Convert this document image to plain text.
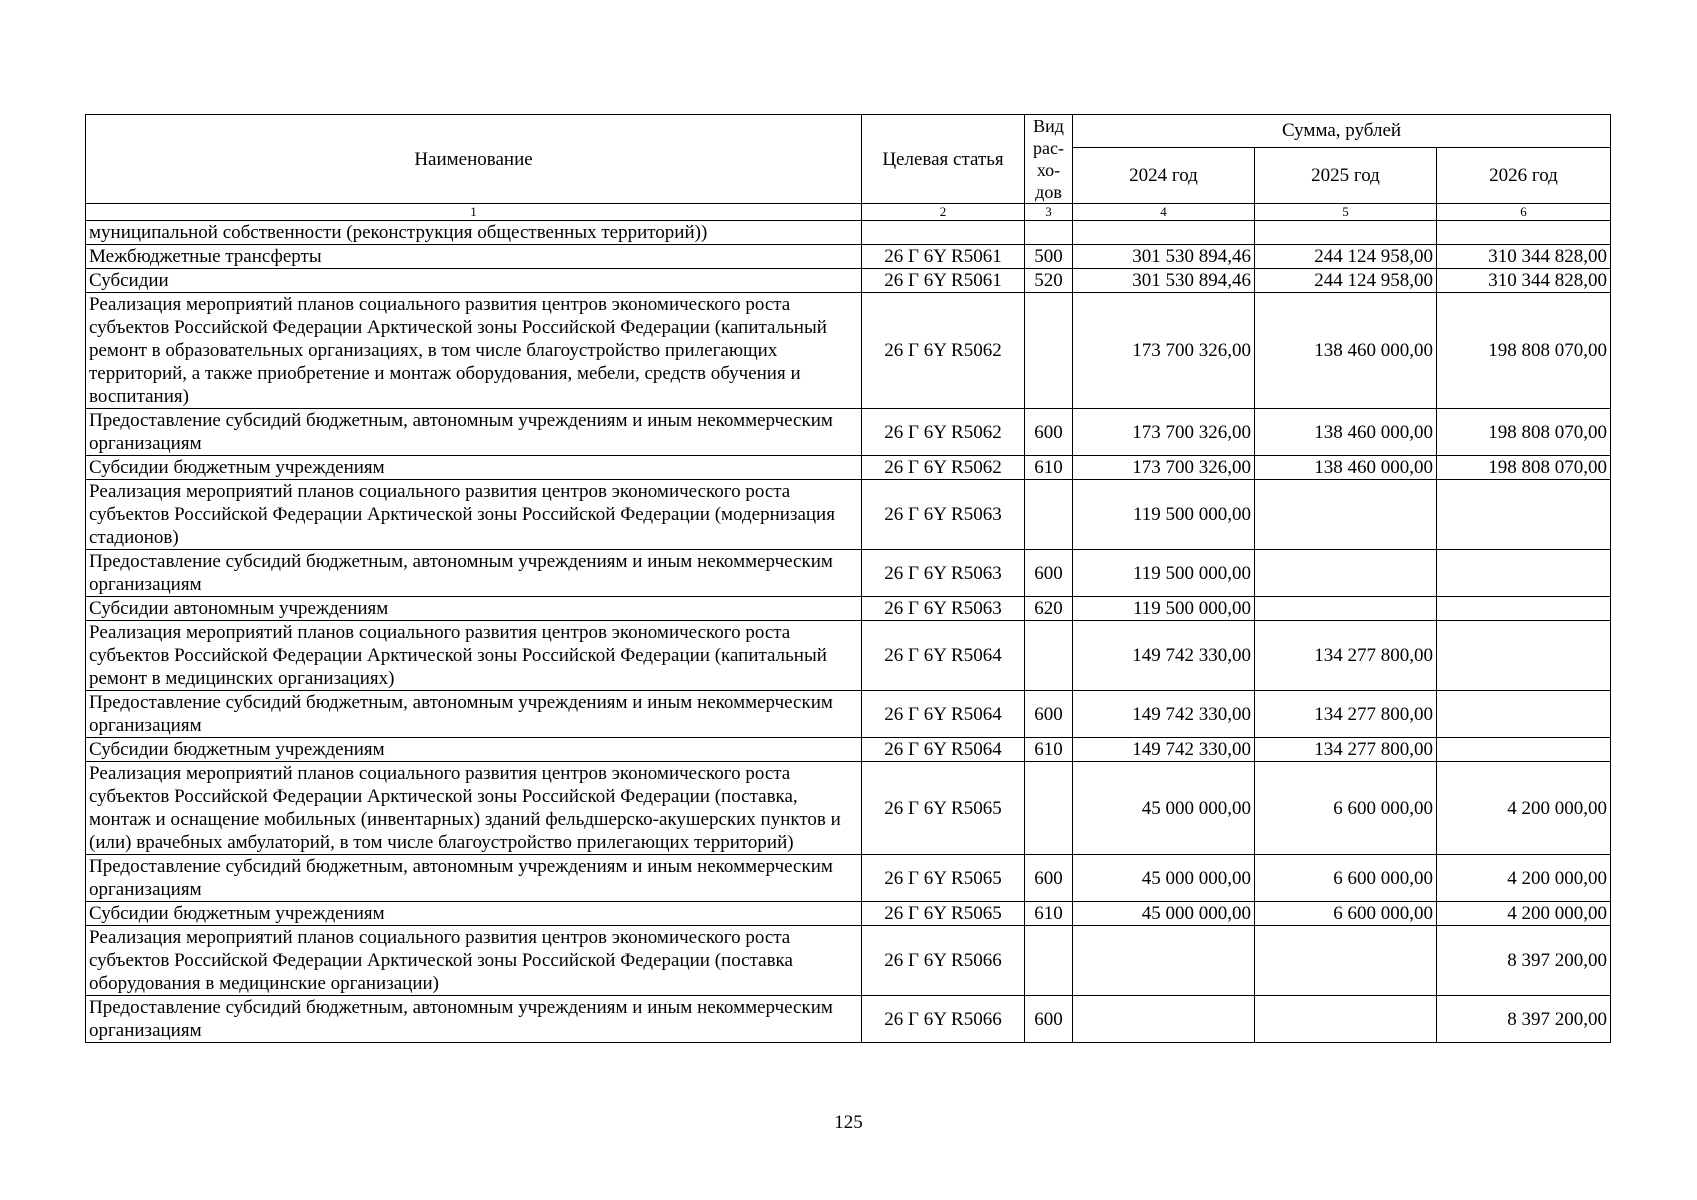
Наименование	Целевая статья	Вид
рас-
хо-
дов	Сумма, рублей		
			2024 год	2025 год	2026 год
1	2	3	4	5	6
муниципальной собственности (реконструкция общественных территорий))					
Межбюджетные трансферты	26 Г 6Y R5061	500	301 530 894,46	244 124 958,00	310 344 828,00
Субсидии	26 Г 6Y R5061	520	301 530 894,46	244 124 958,00	310 344 828,00
Реализация мероприятий планов социального развития центров экономического роста субъектов Российской Федерации Арктической зоны Российской Федерации (капитальный ремонт в образовательных организациях, в том числе благоустройство прилегающих территорий, а также приобретение и монтаж оборудования, мебели, средств обучения и воспитания)	26 Г 6Y R5062		173 700 326,00	138 460 000,00	198 808 070,00
Предоставление субсидий бюджетным, автономным учреждениям и иным некоммерческим организациям	26 Г 6Y R5062	600	173 700 326,00	138 460 000,00	198 808 070,00
Субсидии бюджетным учреждениям	26 Г 6Y R5062	610	173 700 326,00	138 460 000,00	198 808 070,00
Реализация мероприятий планов социального развития центров экономического роста субъектов Российской Федерации Арктической зоны Российской Федерации (модернизация стадионов)	26 Г 6Y R5063		119 500 000,00		
Предоставление субсидий бюджетным, автономным учреждениям и иным некоммерческим организациям	26 Г 6Y R5063	600	119 500 000,00		
Субсидии автономным учреждениям	26 Г 6Y R5063	620	119 500 000,00		
Реализация мероприятий планов социального развития центров экономического роста субъектов Российской Федерации Арктической зоны Российской Федерации (капитальный ремонт в медицинских организациях)	26 Г 6Y R5064		149 742 330,00	134 277 800,00	
Предоставление субсидий бюджетным, автономным учреждениям и иным некоммерческим организациям	26 Г 6Y R5064	600	149 742 330,00	134 277 800,00	
Субсидии бюджетным учреждениям	26 Г 6Y R5064	610	149 742 330,00	134 277 800,00	
Реализация мероприятий планов социального развития центров экономического роста субъектов Российской Федерации Арктической зоны Российской Федерации (поставка, монтаж и оснащение мобильных (инвентарных) зданий фельдшерско-акушерских пунктов и (или) врачебных амбулаторий, в том числе благоустройство прилегающих территорий)	26 Г 6Y R5065		45 000 000,00	6 600 000,00	4 200 000,00
Предоставление субсидий бюджетным, автономным учреждениям и иным некоммерческим организациям	26 Г 6Y R5065	600	45 000 000,00	6 600 000,00	4 200 000,00
Субсидии бюджетным учреждениям	26 Г 6Y R5065	610	45 000 000,00	6 600 000,00	4 200 000,00
Реализация мероприятий планов социального развития центров экономического роста субъектов Российской Федерации Арктической зоны Российской Федерации (поставка оборудования в медицинские организации)	26 Г 6Y R5066				8 397 200,00
Предоставление субсидий бюджетным, автономным учреждениям и иным некоммерческим организациям	26 Г 6Y R5066	600			8 397 200,00
125
